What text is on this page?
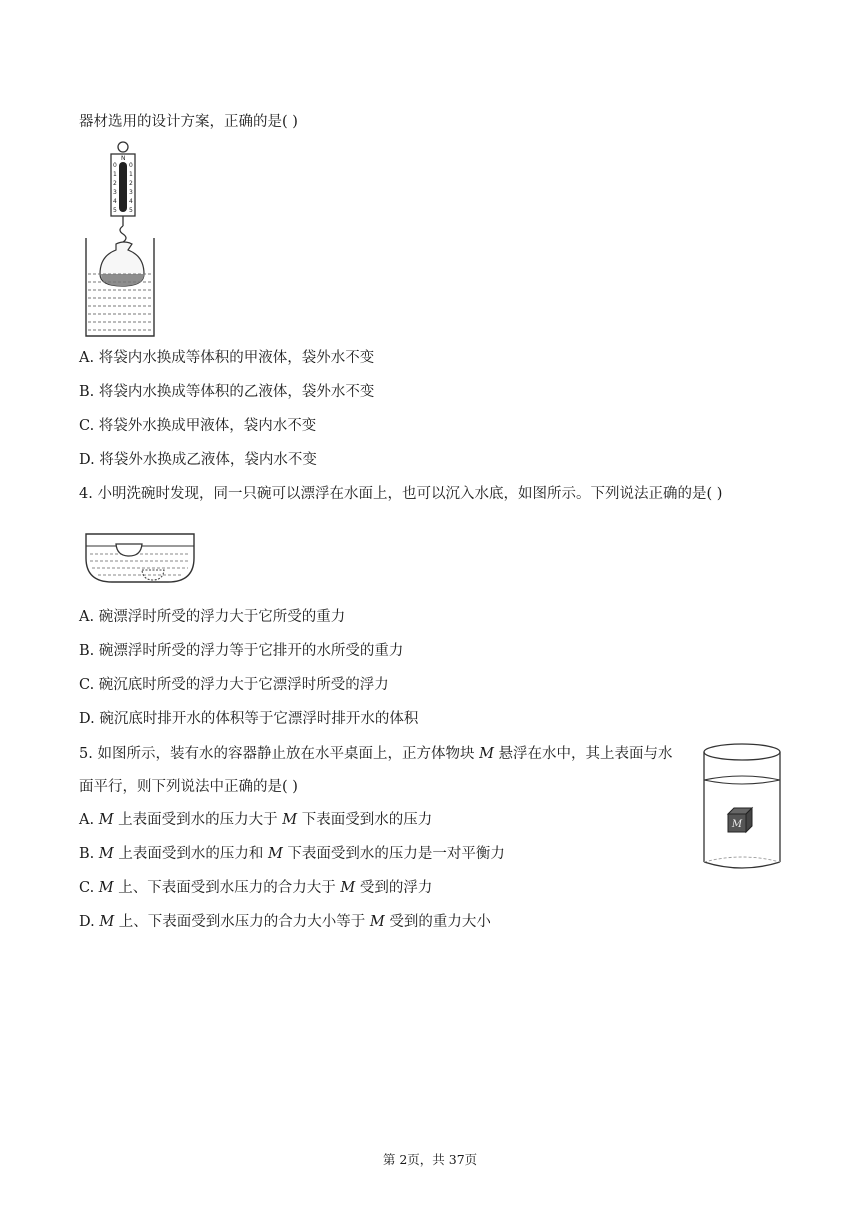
器材选用的设计方案，正确的是( )
N
0
1
2
3
4
5
0
1
2
3
4
5
A. 将袋内水换成等体积的甲液体，袋外水不变
B. 将袋内水换成等体积的乙液体，袋外水不变
C. 将袋外水换成甲液体，袋内水不变
D. 将袋外水换成乙液体，袋内水不变
4. 小明洗碗时发现，同一只碗可以漂浮在水面上，也可以沉入水底，如图所示。下列说法正确的是( )
A. 碗漂浮时所受的浮力大于它所受的重力
B. 碗漂浮时所受的浮力等于它排开的水所受的重力
C. 碗沉底时所受的浮力大于它漂浮时所受的浮力
D. 碗沉底时排开水的体积等于它漂浮时排开水的体积
5. 如图所示，装有水的容器静止放在水平桌面上，正方体物块 M 悬浮在水中，其上表面与水
面平行，则下列说法中正确的是( )
A. M 上表面受到水的压力大于 M 下表面受到水的压力
B. M 上表面受到水的压力和 M 下表面受到水的压力是一对平衡力
C. M 上、下表面受到水压力的合力大于 M 受到的浮力
D. M 上、下表面受到水压力的合力大小等于 M 受到的重力大小
M
第 2页，共 37页
